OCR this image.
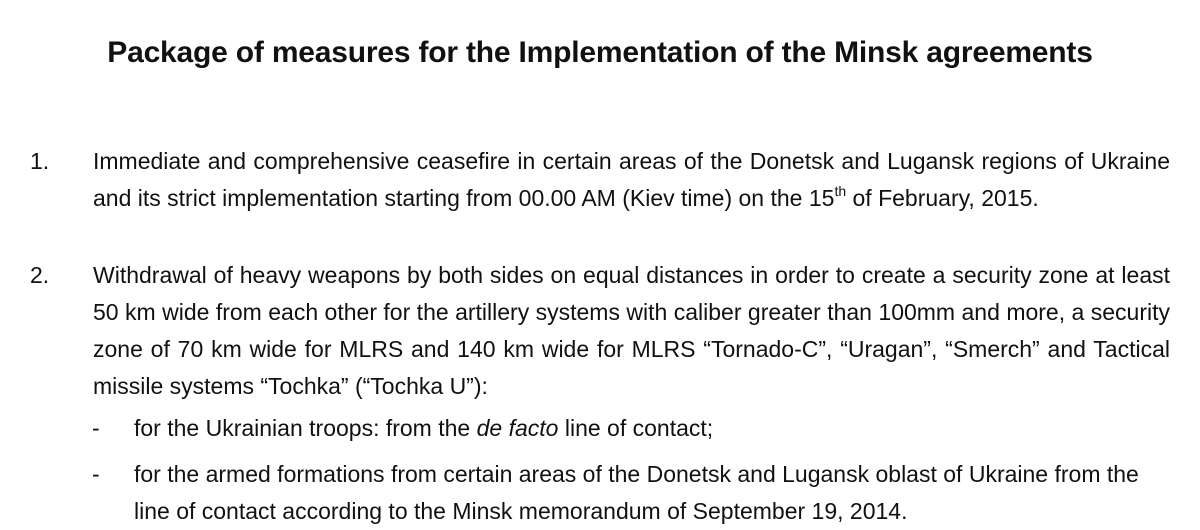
Package of measures for the Implementation of the Minsk agreements
1. Immediate and comprehensive ceasefire in certain areas of the Donetsk and Lugansk regions of Ukraine and its strict implementation starting from 00.00 AM (Kiev time) on the 15th of February, 2015.
2. Withdrawal of heavy weapons by both sides on equal distances in order to create a security zone at least 50 km wide from each other for the artillery systems with caliber greater than 100mm and more, a security zone of 70 km wide for MLRS and 140 km wide for MLRS “Tornado-C”, “Uragan”, “Smerch” and Tactical missile systems “Tochka” (“Tochka U”):
- for the Ukrainian troops: from the de facto line of contact;
- for the armed formations from certain areas of the Donetsk and Lugansk oblast of Ukraine from the line of contact according to the Minsk memorandum of September 19, 2014.
